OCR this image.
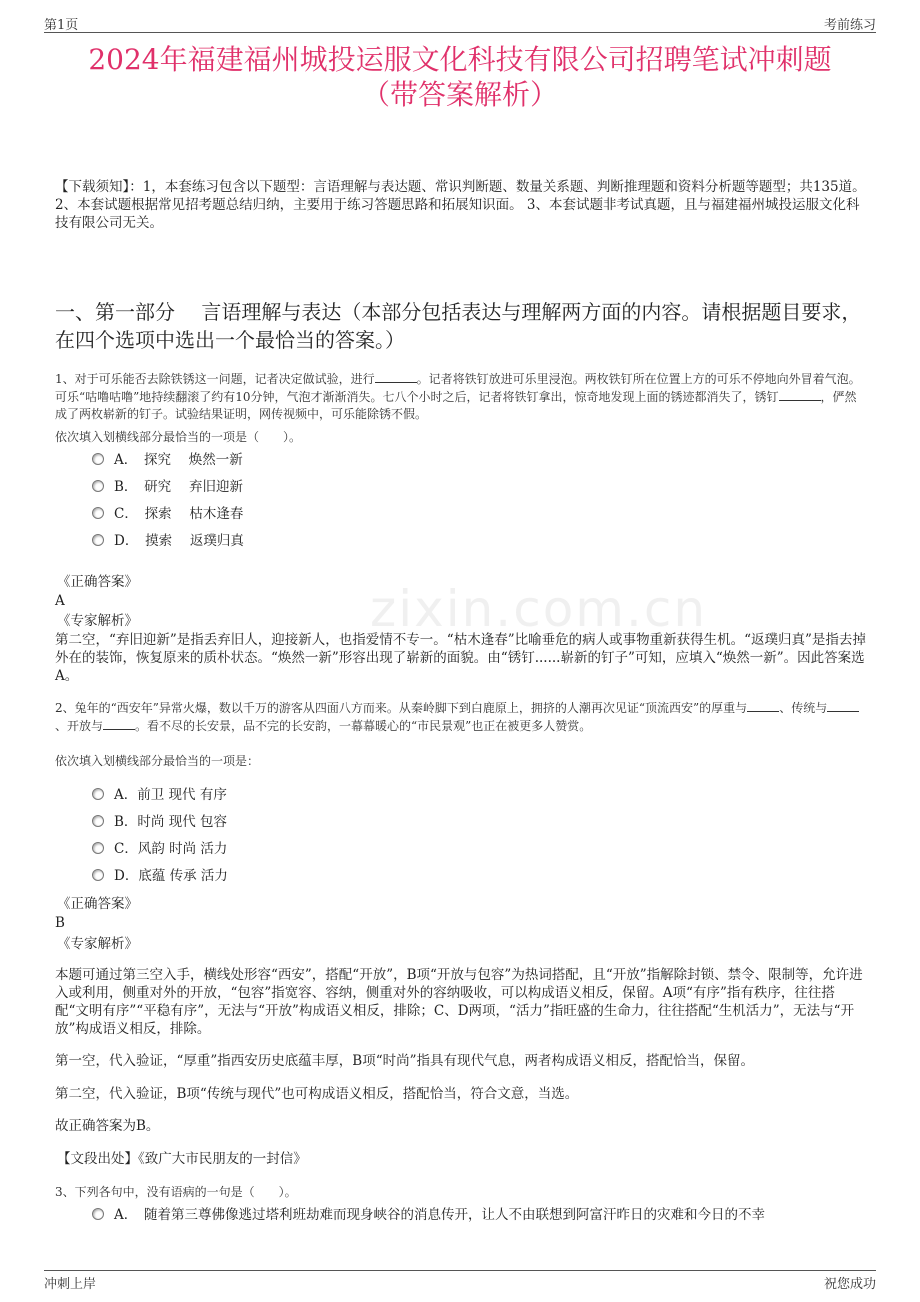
第1页	考前练习
2024年福建福州城投运服文化科技有限公司招聘笔试冲刺题
（带答案解析）
【下载须知】：1，本套练习包含以下题型：言语理解与表达题、常识判断题、数量关系题、判断推理题和资料分析题等题型；共135道。 2、本套试题根据常见招考题总结归纳，主要用于练习答题思路和拓展知识面。 3、本套试题非考试真题，且与福建福州城投运服文化科技有限公司无关。
一、第一部分　 言语理解与表达（本部分包括表达与理解两方面的内容。请根据题目要求，在四个选项中选出一个最恰当的答案。）
zixin.com.cn
1、对于可乐能否去除铁锈这一问题，记者决定做试验，进行	。记者将铁钉放进可乐里浸泡。两枚铁钉所在位置上方的可乐不停地向外冒着气泡。可乐“咕噜咕噜”地持续翻滚了约有10分钟，气泡才渐渐消失。七八个小时之后，记者将铁钉拿出，惊奇地发现上面的锈迹都消失了，锈钉	，俨然成了两枚崭新的钉子。试验结果证明，网传视频中，可乐能除锈不假。
依次填入划横线部分最恰当的一项是（　　）。
A．　探究　 焕然一新
B．　研究　 弃旧迎新
C．　探索　 枯木逢春
D．　摸索　 返璞归真
《正确答案》
A
《专家解析》
第二空，“弃旧迎新”是指丢弃旧人，迎接新人，也指爱情不专一。“枯木逢春”比喻垂危的病人或事物重新获得生机。“返璞归真”是指去掉外在的装饰，恢复原来的质朴状态。“焕然一新”形容出现了崭新的面貌。由“锈钉......崭新的钉子”可知，应填入“焕然一新”。因此答案选A。
2、兔年的“西安年”异常火爆，数以千万的游客从四面八方而来。从秦岭脚下到白鹿原上，拥挤的人潮再次见证“顶流西安”的厚重与	、传统与、开放与	。看不尽的长安景，品不完的长安韵，一幕幕暖心的“市民景观”也正在被更多人赞赏。
依次填入划横线部分最恰当的一项是：
A．前卫 现代 有序
B．时尚 现代 包容
C．风韵 时尚 活力
D．底蕴 传承 活力
《正确答案》
B
《专家解析》
本题可通过第三空入手，横线处形容“西安”，搭配“开放”，B项“开放与包容”为热词搭配，且“开放”指解除封锁、禁令、限制等，允许进入或利用，侧重对外的开放，“包容”指宽容、容纳，侧重对外的容纳吸收，可以构成语义相反，保留。A项“有序”指有秩序，往往搭配“文明有序”“平稳有序”，无法与“开放”构成语义相反，排除；C、D两项，“活力”指旺盛的生命力，往往搭配“生机活力”，无法与“开放”构成语义相反，排除。
第一空，代入验证，“厚重”指西安历史底蕴丰厚，B项“时尚”指具有现代气息，两者构成语义相反，搭配恰当，保留。
第二空，代入验证，B项“传统与现代”也可构成语义相反，搭配恰当，符合文意，当选。
故正确答案为B。
【文段出处】《致广大市民朋友的一封信》
3、下列各句中，没有语病的一句是（　　）。
A．　随着第三尊佛像逃过塔利班劫难而现身峡谷的消息传开，让人不由联想到阿富汗昨日的灾难和今日的不幸
冲刺上岸	祝您成功
